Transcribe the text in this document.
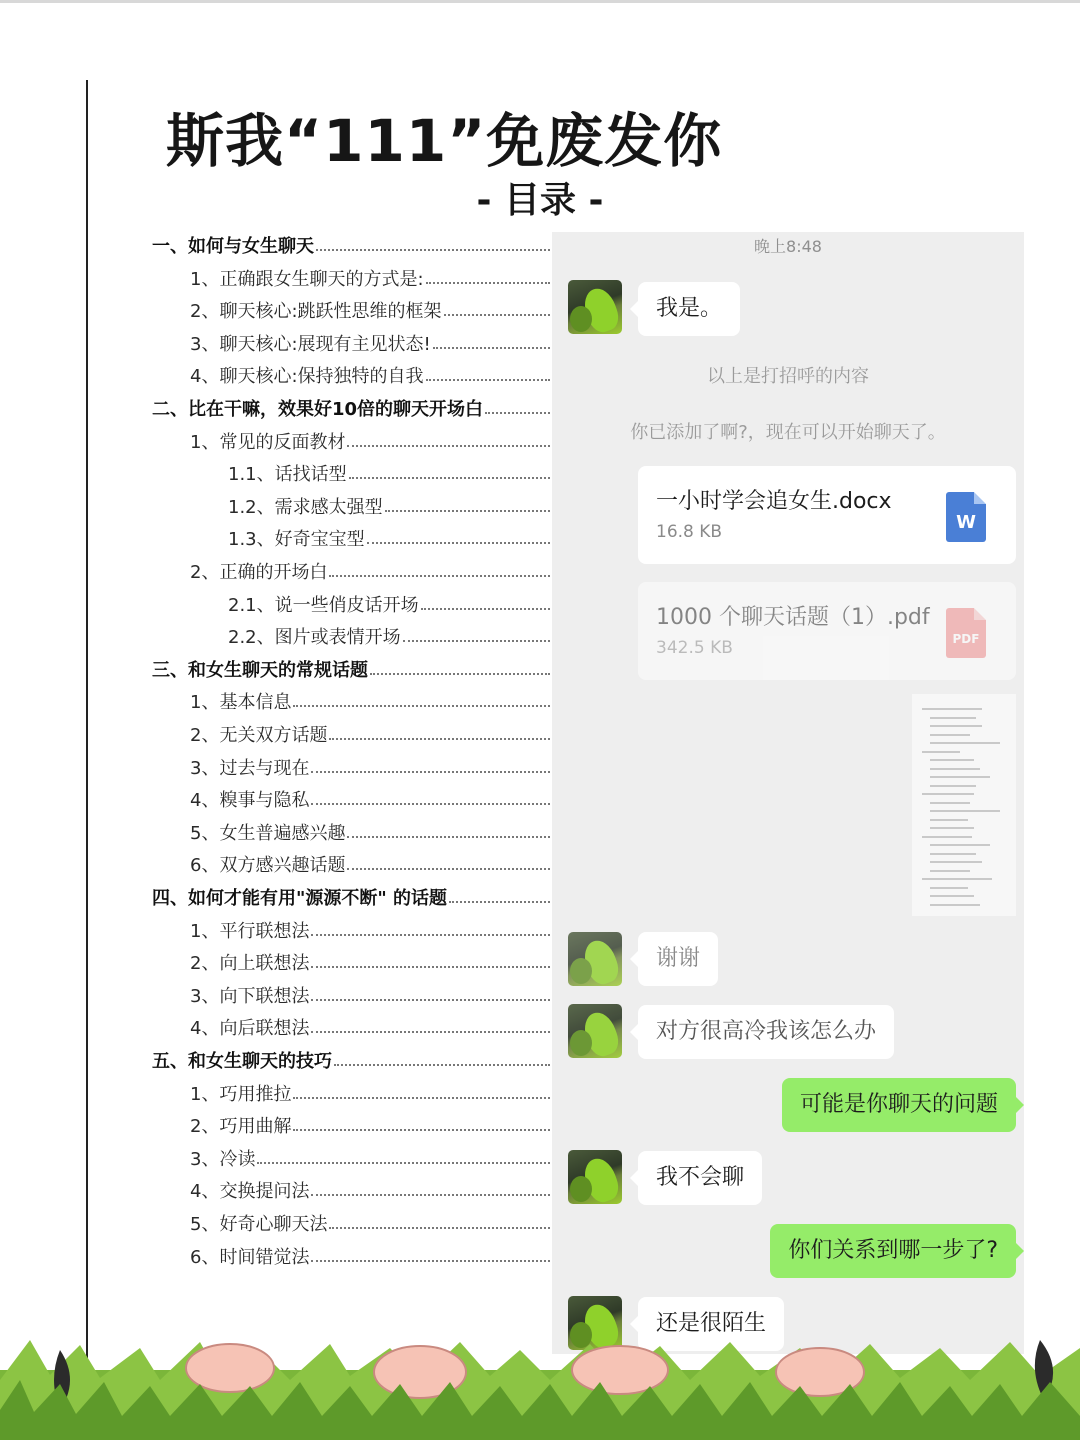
斯我“111”免废发你
- 目录 -
一、如何与女生聊天
1、正确跟女生聊天的方式是:
2、聊天核心:跳跃性思维的框架
3、聊天核心:展现有主见状态!
4、聊天核心:保持独特的自我
二、比在干嘛，效果好10倍的聊天开场白
1、常见的反面教材
1.1、话找话型
1.2、需求感太强型
1.3、好奇宝宝型
2、正确的开场白
2.1、说一些俏皮话开场
2.2、图片或表情开场
三、和女生聊天的常规话题
1、基本信息
2、无关双方话题
3、过去与现在
4、糗事与隐私
5、女生普遍感兴趣
6、双方感兴趣话题
四、如何才能有用"源源不断" 的话题
1、平行联想法
2、向上联想法
3、向下联想法
4、向后联想法
五、和女生聊天的技巧
1、巧用推拉
2、巧用曲解
3、冷读
4、交换提问法
5、好奇心聊天法
6、时间错觉法
晚上8:48
我是。
以上是打招呼的内容
你已添加了啊?，现在可以开始聊天了。
一小时学会追女生.docx
16.8 KB	W
1000 个聊天话题（1）.pdf
342.5 KB	PDF
谢谢
对方很高冷我该怎么办
可能是你聊天的问题
我不会聊
你们关系到哪一步了?
还是很陌生
